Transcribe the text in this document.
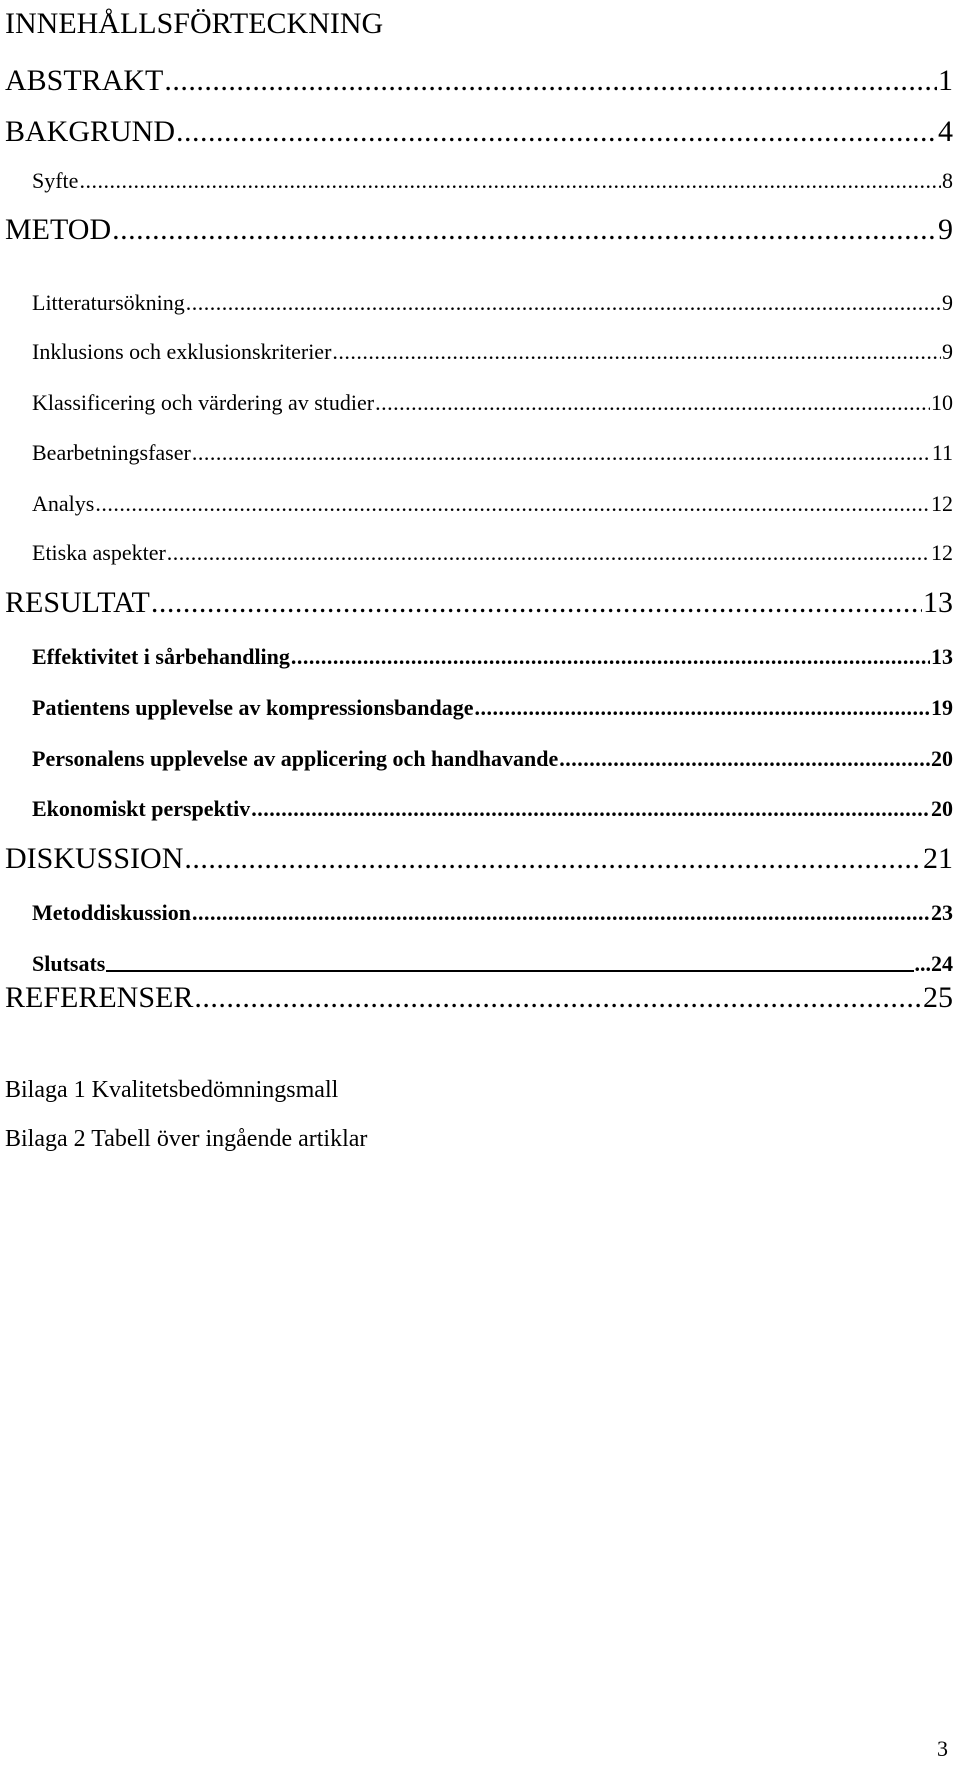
INNEHÅLLSFÖRTECKNING
ABSTRAKT .....	1
BAKGRUND .....	4
Syfte .....	8
METOD .....	9
Litteratursökning .....	9
Inklusions och exklusionskriterier .....	9
Klassificering och värdering av studier .....	10
Bearbetningsfaser .....	11
Analys .....	12
Etiska aspekter .....	12
RESULTAT .....	13
Effektivitet i sårbehandling .....	13
Patientens upplevelse av kompressionsbandage .....	19
Personalens upplevelse av applicering och handhavande .....	20
Ekonomiskt perspektiv .....	20
DISKUSSION .....	21
Metoddiskussion .....	23
Slutsats	...24
REFERENSER .....	25
Bilaga 1 Kvalitetsbedömningsmall
Bilaga 2 Tabell över ingående artiklar
3
